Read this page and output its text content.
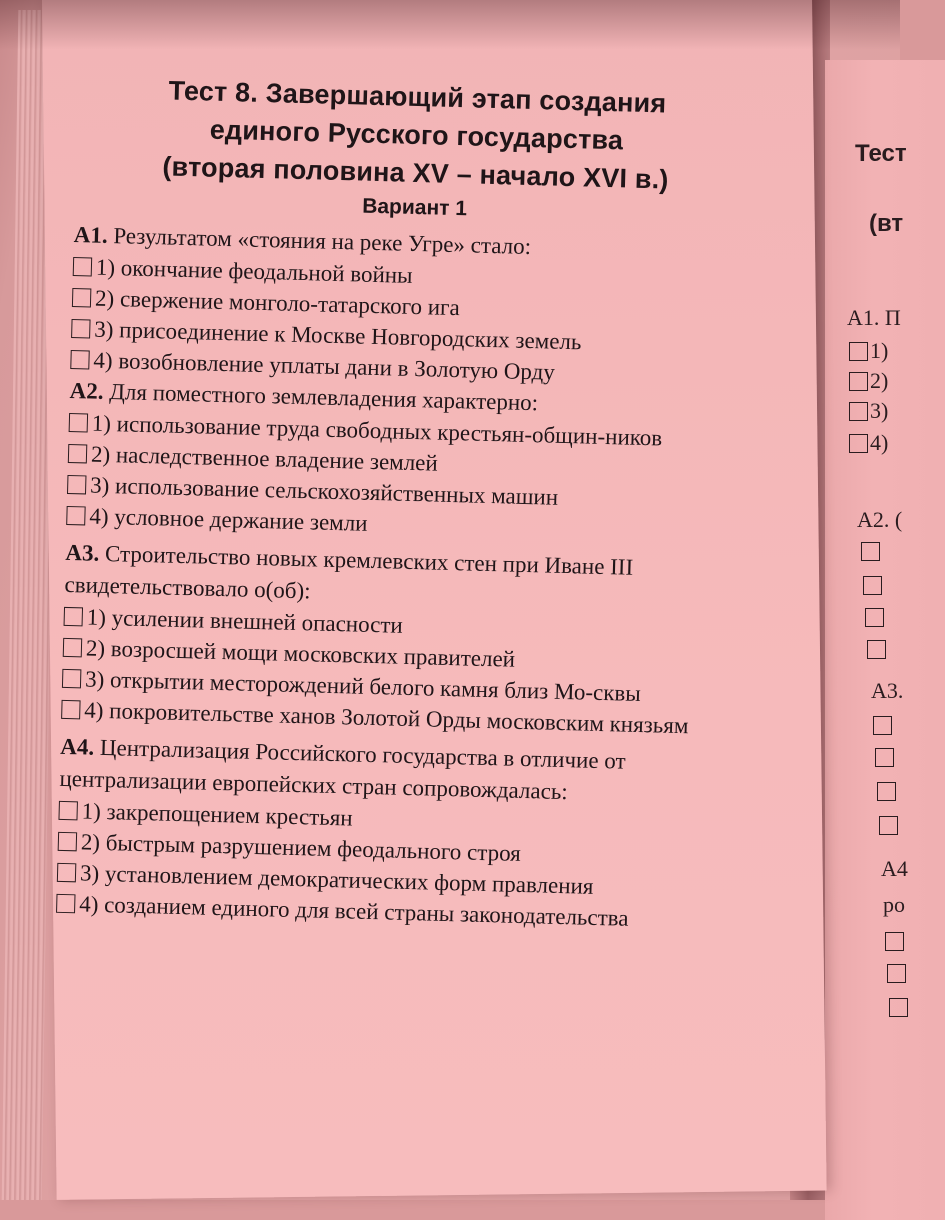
Тест
(вт
А1. П
1)
2)
3)
4)
А2. (
А3.
А4
ро
Тест 8. Завершающий этап создания
единого Русского государства
(вторая половина XV – начало XVI в.)
Вариант 1
А1. Результатом «стояния на реке Угре» стало:
1) окончание феодальной войны
2) свержение монголо-татарского ига
3) присоединение к Москве Новгородских земель
4) возобновление уплаты дани в Золотую Орду
А2. Для поместного землевладения характерно:
1) использование труда свободных крестьян-общин-ников
2) наследственное владение землей
3) использование сельскохозяйственных машин
4) условное держание земли
А3. Строительство новых кремлевских стен при Иване III свидетельствовало о(об):
1) усилении внешней опасности
2) возросшей мощи московских правителей
3) открытии месторождений белого камня близ Мо-сквы
4) покровительстве ханов Золотой Орды московским князьям
А4. Централизация Российского государства в отличие от централизации европейских стран сопровождалась:
1) закрепощением крестьян
2) быстрым разрушением феодального строя
3) установлением демократических форм правления
4) созданием единого для всей страны законодательства
